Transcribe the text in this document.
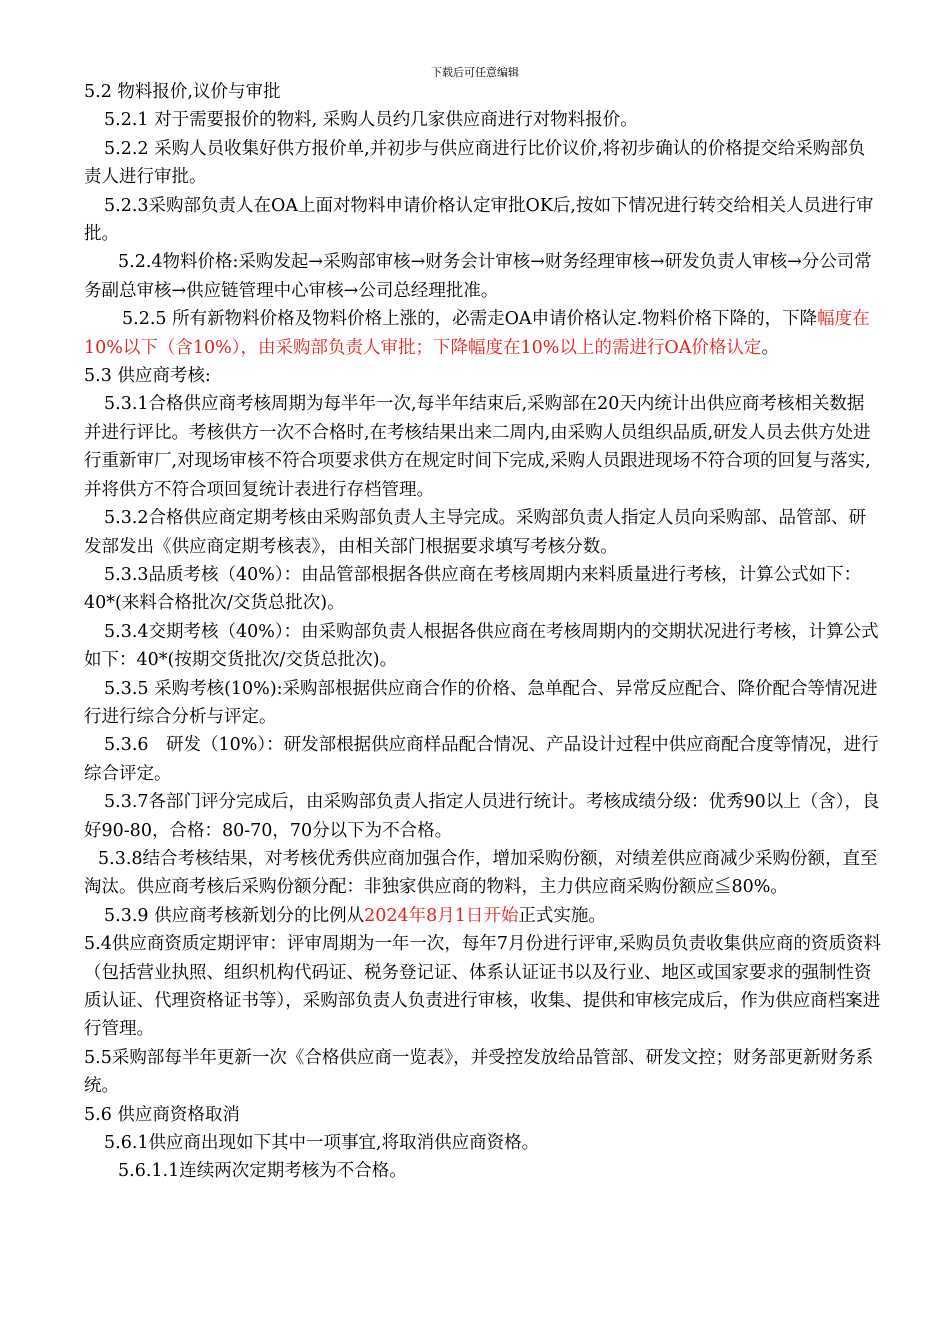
下载后可任意编辑

5.2 物料报价,议价与审批

5.2.1 对于需要报价的物料, 采购人员约几家供应商进行对物料报价。

5.2.2 采购人员收集好供方报价单,并初步与供应商进行比价议价,将初步确认的价格提交给采购部负责人进行审批。

5.2.3采购部负责人在OA上面对物料申请价格认定审批OK后,按如下情况进行转交给相关人员进行审批。

5.2.4物料价格:采购发起→采购部审核→财务会计审核→财务经理审核→研发负责人审核→分公司常务副总审核→供应链管理中心审核→公司总经理批准。

5.2.5 所有新物料价格及物料价格上涨的，必需走OA申请价格认定.物料价格下降的，下降幅度在10%以下（含10%），由采购部负责人审批；下降幅度在10%以上的需进行OA价格认定。

5.3 供应商考核:

5.3.1合格供应商考核周期为每半年一次,每半年结束后,采购部在20天内统计出供应商考核相关数据并进行评比。考核供方一次不合格时,在考核结果出来二周内,由采购人员组织品质,研发人员去供方处进行重新审厂,对现场审核不符合项要求供方在规定时间下完成,采购人员跟进现场不符合项的回复与落实,并将供方不符合项回复统计表进行存档管理。

5.3.2合格供应商定期考核由采购部负责人主导完成。采购部负责人指定人员向采购部、品管部、研发部发出《供应商定期考核表》，由相关部门根据要求填写考核分数。

5.3.3品质考核（40%）：由品管部根据各供应商在考核周期内来料质量进行考核，计算公式如下：40*(来料合格批次/交货总批次)。

5.3.4交期考核（40%）：由采购部负责人根据各供应商在考核周期内的交期状况进行考核，计算公式如下：40*(按期交货批次/交货总批次)。

5.3.5 采购考核(10%):采购部根据供应商合作的价格、急单配合、异常反应配合、降价配合等情况进行进行综合分析与评定。

5.3.6　研发（10%）：研发部根据供应商样品配合情况、产品设计过程中供应商配合度等情况，进行综合评定。

5.3.7各部门评分完成后，由采购部负责人指定人员进行统计。考核成绩分级：优秀90以上（含），良好90-80，合格：80-70，70分以下为不合格。

5.3.8结合考核结果，对考核优秀供应商加强合作，增加采购份额，对绩差供应商减少采购份额，直至淘汰。供应商考核后采购份额分配：非独家供应商的物料，主力供应商采购份额应≦80%。

5.3.9 供应商考核新划分的比例从2024年8月1日开始正式实施。

5.4供应商资质定期评审：评审周期为一年一次，每年7月份进行评审,采购员负责收集供应商的资质资料（包括营业执照、组织机构代码证、税务登记证、体系认证证书以及行业、地区或国家要求的强制性资质认证、代理资格证书等），采购部负责人负责进行审核，收集、提供和审核完成后，作为供应商档案进行管理。

5.5采购部每半年更新一次《合格供应商一览表》，并受控发放给品管部、研发文控；财务部更新财务系统。

5.6 供应商资格取消

5.6.1供应商出现如下其中一项事宜,将取消供应商资格。

5.6.1.1连续两次定期考核为不合格。
